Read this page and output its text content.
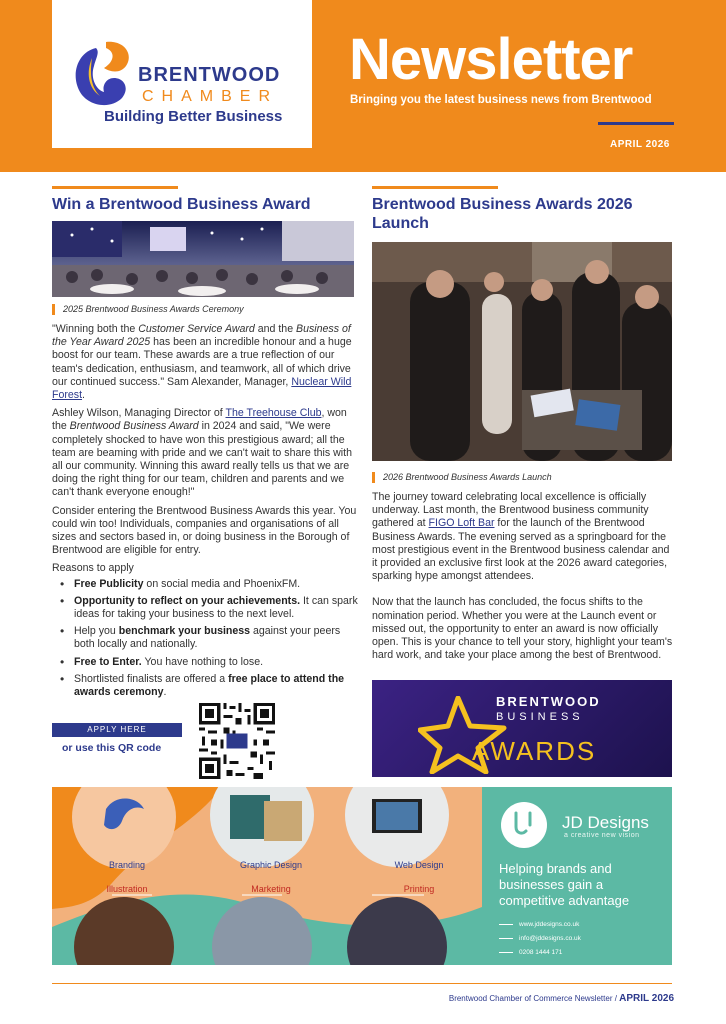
BRENTWOOD
CHAMBER
Building Better Business
Newsletter
Bringing you the latest business news from Brentwood
APRIL 2026
Win a Brentwood Business Award
2025 Brentwood Business Awards Ceremony

"Winning both the Customer Service Award and the Business of the Year Award 2025 has been an incredible honour and a huge boost for our team. These awards are a true reflection of our team's dedication, enthusiasm, and teamwork, all of which drive our continued success." Sam Alexander, Manager, Nuclear Wild Forest.

Ashley Wilson, Managing Director of The Treehouse Club, won the Brentwood Business Award in 2024 and said, "We were completely shocked to have won this prestigious award; all the team are beaming with pride and we can't wait to share this with all our community. Winning this award really tells us that we are doing the right thing for our team, children and parents and we can't thank everyone enough!"

Consider entering the Brentwood Business Awards this year. You could win too! Individuals, companies and organisations of all sizes and sectors based in, or doing business in the Borough of Brentwood are eligible for entry.

Reasons to apply

• Free Publicity on social media and PhoenixFM.
• Opportunity to reflect on your achievements. It can spark ideas for taking your business to the next level.
• Help you benchmark your business against your peers both locally and nationally.
• Free to Enter. You have nothing to lose.
• Shortlisted finalists are offered a free place to attend the awards ceremony.
APPLY HERE
or use this QR code
Brentwood Business Awards 2026 Launch
2026 Brentwood Business Awards Launch

The journey toward celebrating local excellence is officially underway. Last month, the Brentwood business community gathered at FIGO Loft Bar for the launch of the Brentwood Business Awards. The evening served as a springboard for the most prestigious event in the Brentwood business calendar and it provided an exclusive first look at the 2026 award categories, sparking hype amongst attendees.

Now that the launch has concluded, the focus shifts to the nomination period. Whether you were at the Launch event or missed out, the opportunity to enter an award is now officially open. This is your chance to tell your story, highlight your team's hard work, and take your place among the best of Brentwood.

BRENTWOOD
BUSINESS
AWARDS
Branding	Graphic Design	Web Design
Illustration	Marketing	Printing
JD Designs
a creative new vision
Helping brands and businesses gain a competitive advantage
www.jddesigns.co.uk
info@jddesigns.co.uk
0208 1444 171
Brentwood Chamber of Commerce Newsletter / APRIL 2026
